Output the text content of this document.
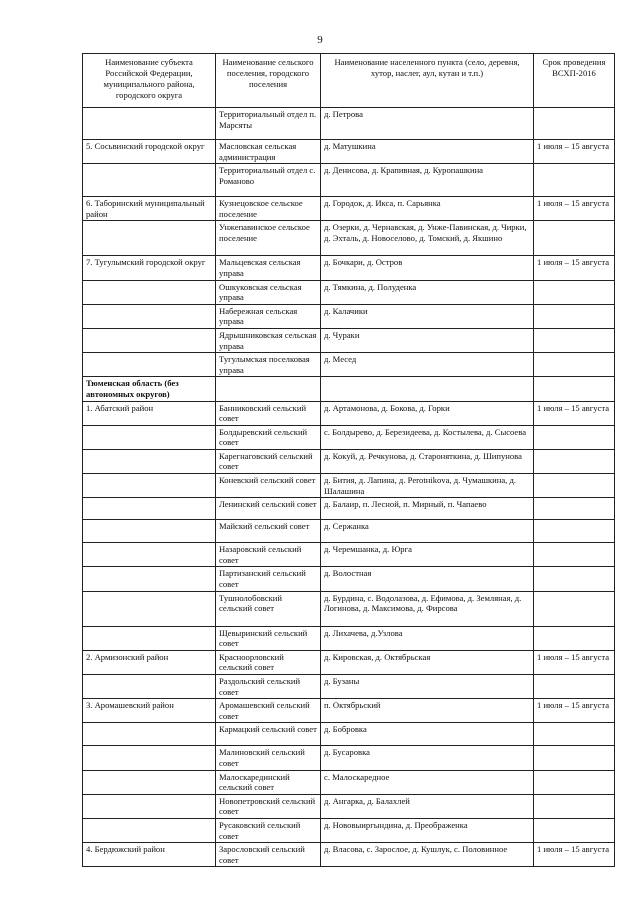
9
Наименование субъекта Российской Федерации, муниципального района, городского округа	Наименование сельского поселения, городского поселения	Наименование населенного пункта (село, деревня, хутор, наслег, аул, кутан и т.п.)	Срок проведения ВСХП-2016
	Территориальный отдел п. Марсяты	д. Петрова	
5. Сосьвинский городской округ	Масловская сельская администрация	д. Матушкина	1 июля – 15 августа
	Территориальный отдел с. Романово	д. Денисова, д. Крапивная, д. Куропашкина	
6. Таборинский муниципальный район	Кузнецовское сельское поселение	д. Городок, д. Икса, п. Сарьянка	1 июля – 15 августа
	Унжепавинское сельское поселение	д. Озерки, д. Чернавская, д. Унже-Павинская, д. Чирки, д. Эхталь, д. Новоселово, д. Томский, д. Якшино	
7. Тугулымский городской округ	Мальцевская сельская управа	д. Бочкари, д. Остров	1 июля – 15 августа
	Ошкуковская сельская управа	д. Тямкина, д. Полуденка	
	Набережная сельская управа	д. Калачики	
	Ядрышниковская сельская управа	д. Чураки	
	Тугулымская поселковая управа	д. Месед	
Тюменская область (без автономных округов)			
1. Абатский район	Банниковский сельский совет	д. Артамонова, д. Бокова, д. Горки	1 июля – 15 августа
	Болдыревский сельский совет	с. Болдырево, д. Березидеева, д. Костылева, д. Сысоева	
	Карегнаговский сельский совет	д. Кокуй, д. Речкунова, д. Староняткина, д. Шипунова	
	Коневский сельский совет	д. Бития, д. Лапина, д. Perotнikova, д. Чумашкина, д. Шалашина	
	Ленинский сельский совет	д. Балаир, п. Лесной, п. Мирный, п. Чапаево	
	Майский сельский совет	д. Сержанка	
	Назаровский сельский совет	д. Черемшанка, д. Юрга	
	Партизанский сельский совет	д. Волостная	
	Тушнолобовский сельский совет	д. Бурдина, с. Водолазова, д. Ефимова, д. Земляная, д. Логинова, д. Максимова, д. Фирсова	
	Щевыринский сельский совет	д. Лихачева, д.Узлова	
2. Армизонский район	Красноорловский сельский совет	д. Кировская, д. Октябрьская	1 июля – 15 августа
	Раздольский сельский совет	д. Бузаны	
3. Аромашевский район	Аромашевский сельский совет	п. Октябрьский	1 июля – 15 августа
	Кармацкий сельский совет	д. Бобровка	
	Малиновский сельский совет	д. Бусаровка	
	Малоскарединский сельский совет	с. Малоскаредное	
	Новопетровский сельский совет	д. Ангарка, д. Балахлей	
	Русаковский сельский совет	д. Нововыиргындина, д. Преображенка	
4. Бердюжский район	Зарословский сельский совет	д. Власова, с. Зарослое, д. Кушлук, с. Половинное	1 июля – 15 августа
